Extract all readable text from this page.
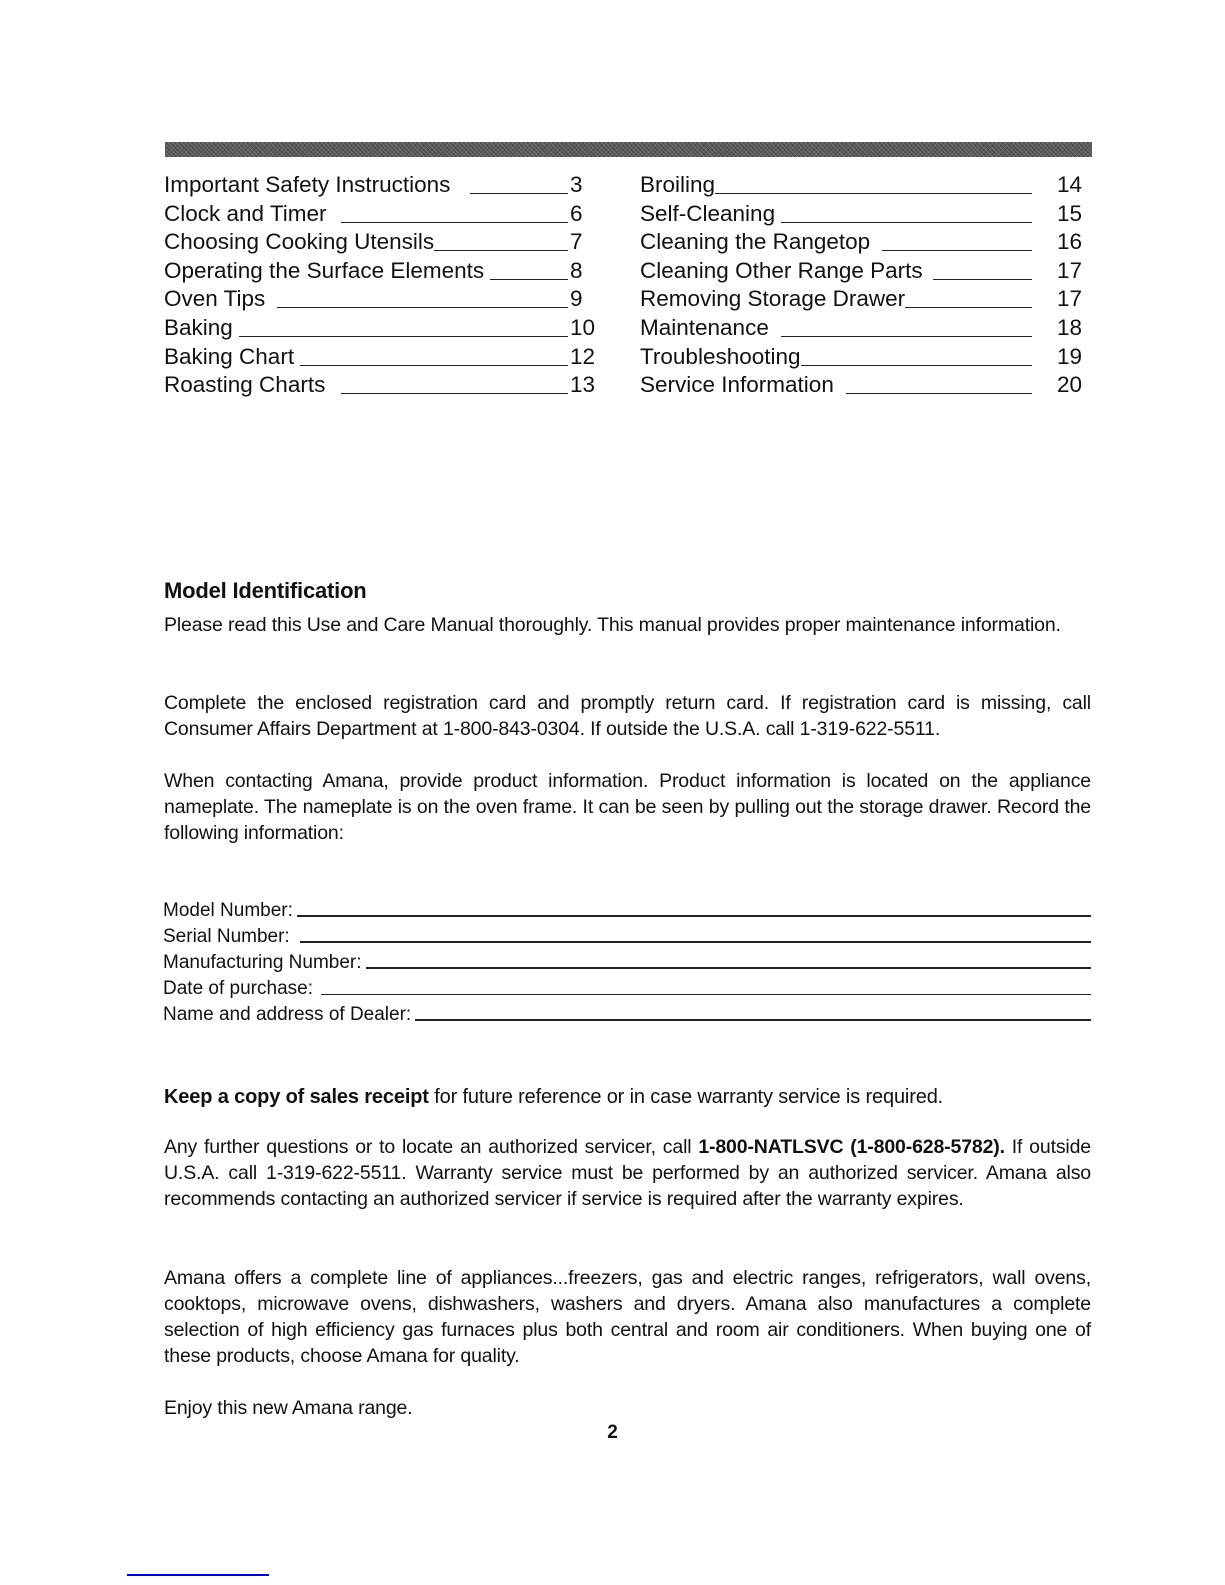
Important Safety Instructions	3
Clock and Timer	6
Choosing Cooking Utensils	7
Operating the Surface Elements	8
Oven Tips	9
Baking	10
Baking Chart	12
Roasting Charts	13
Broiling	14
Self-Cleaning	15
Cleaning the Rangetop	16
Cleaning Other Range Parts	17
Removing Storage Drawer	17
Maintenance	18
Troubleshooting	19
Service Information	20
Model Identification

Please read this Use and Care Manual thoroughly. This manual provides proper maintenance information.

Complete the enclosed registration card and promptly return card. If registration card is missing, call Consumer Affairs Department at 1-800-843-0304. If outside the U.S.A. call 1-319-622-5511.

When contacting Amana, provide product information. Product information is located on the appliance nameplate. The nameplate is on the oven frame. It can be seen by pulling out the storage drawer. Record the following information:

Model Number:
Serial Number:
Manufacturing Number:
Date of purchase:
Name and address of Dealer:

Keep a copy of sales receipt for future reference or in case warranty service is required.

Any further questions or to locate an authorized servicer, call 1-800-NATLSVC (1-800-628-5782). If outside U.S.A. call 1-319-622-5511. Warranty service must be performed by an authorized servicer. Amana also recommends contacting an authorized servicer if service is required after the warranty expires.

Amana offers a complete line of appliances...freezers, gas and electric ranges, refrigerators, wall ovens, cooktops, microwave ovens, dishwashers, washers and dryers. Amana also manufactures a complete selection of high efficiency gas furnaces plus both central and room air conditioners. When buying one of these products, choose Amana for quality.

Enjoy this new Amana range.

2
